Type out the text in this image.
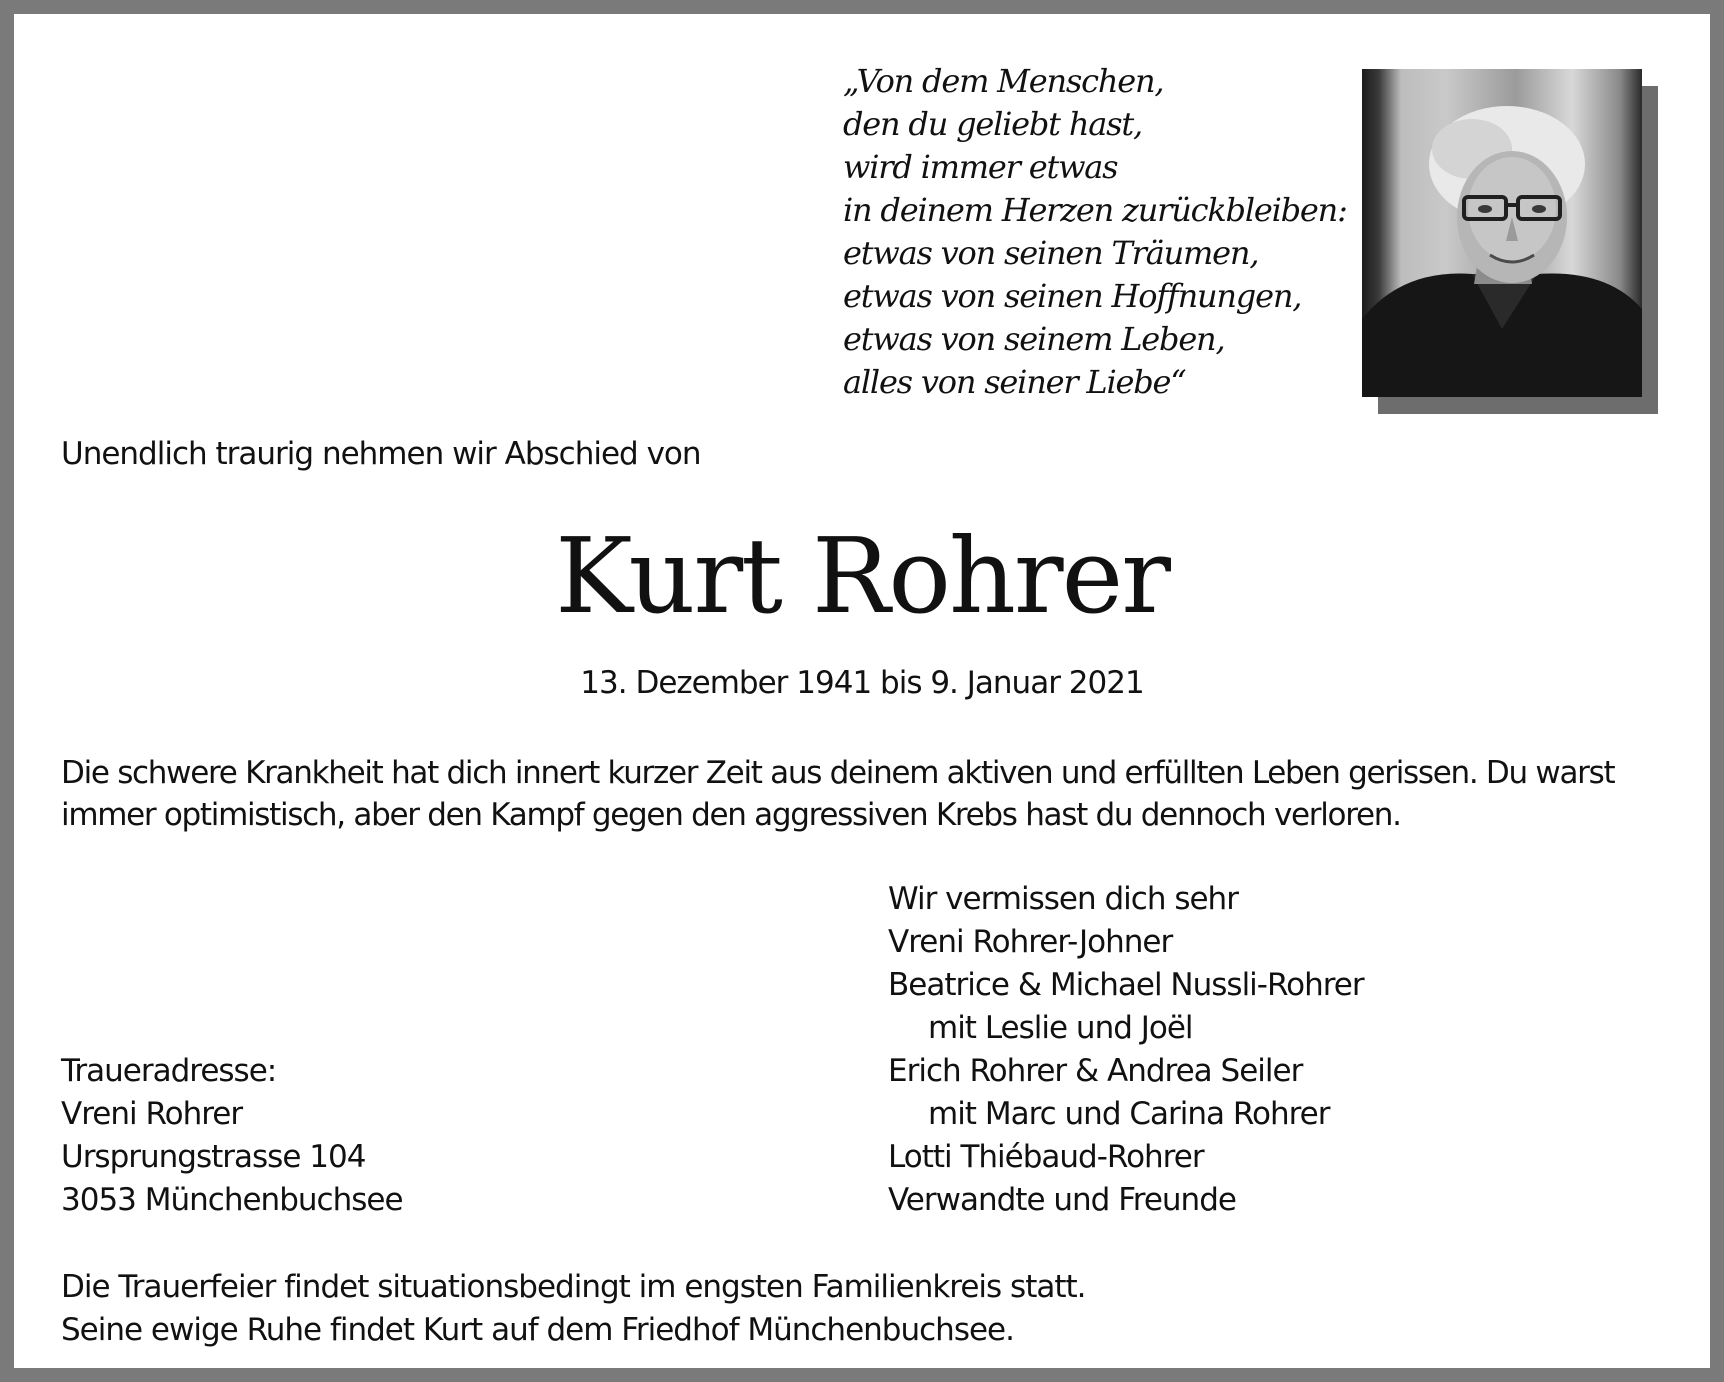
„Von dem Menschen,
den du geliebt hast,
wird immer etwas
in deinem Herzen zurückbleiben:
etwas von seinen Träumen,
etwas von seinen Hoffnungen,
etwas von seinem Leben,
alles von seiner Liebe“
Unendlich traurig nehmen wir Abschied von
Kurt Rohrer
13. Dezember 1941 bis 9. Januar 2021
Die schwere Krankheit hat dich innert kurzer Zeit aus deinem aktiven und erfüllten Leben gerissen. Du warst
immer optimistisch, aber den Kampf gegen den aggressiven Krebs hast du dennoch verloren.
Wir vermissen dich sehr
Vreni Rohrer-Johner
Beatrice & Michael Nussli-Rohrer
mit Leslie und Joël
Erich Rohrer & Andrea Seiler
mit Marc und Carina Rohrer
Lotti Thiébaud-Rohrer
Verwandte und Freunde
Traueradresse:
Vreni Rohrer
Ursprungstrasse 104
3053 Münchenbuchsee
Die Trauerfeier findet situationsbedingt im engsten Familienkreis statt.
Seine ewige Ruhe findet Kurt auf dem Friedhof Münchenbuchsee.
